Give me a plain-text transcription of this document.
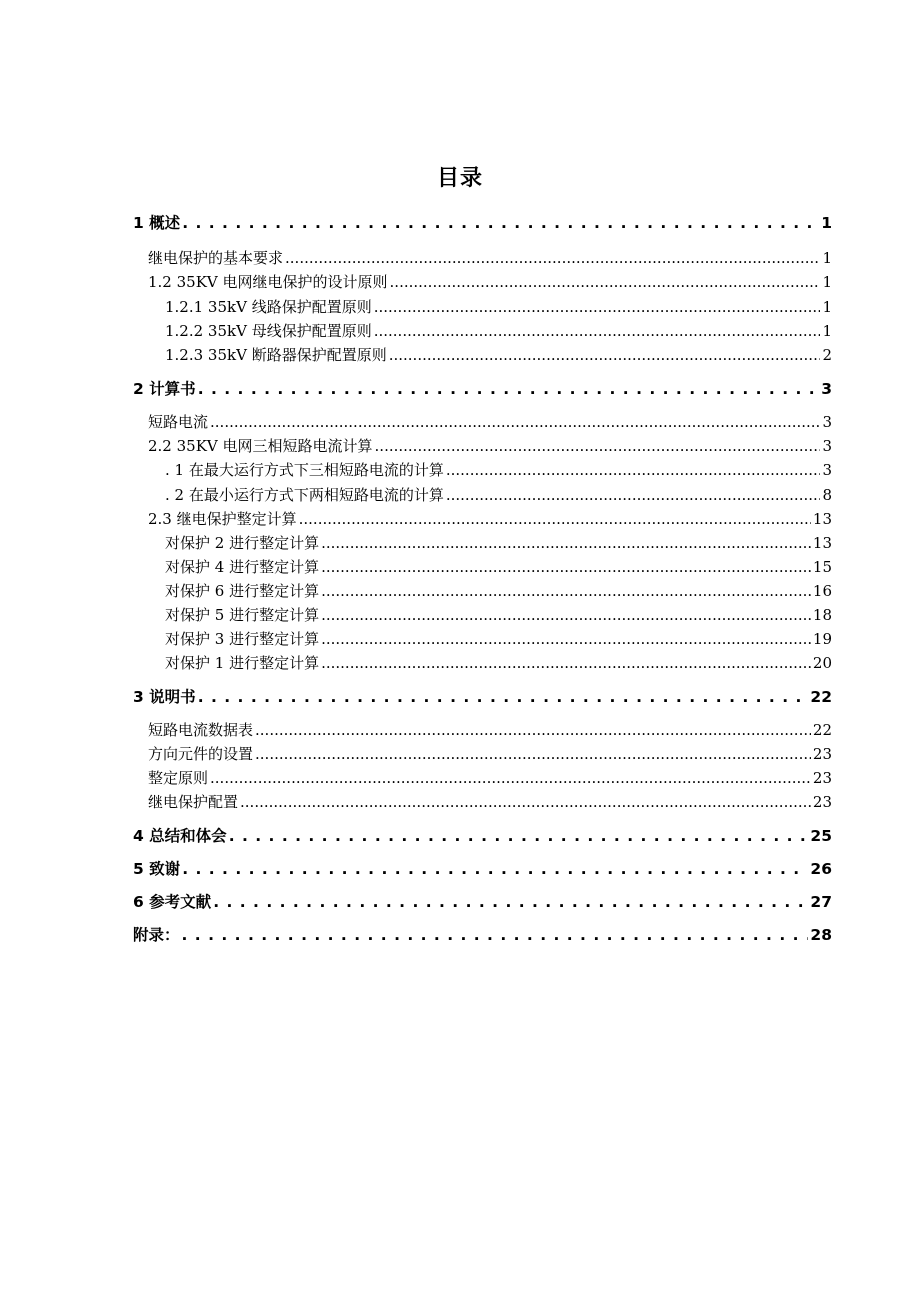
目录
1 概述 . . .	1
继电保护的基本要求 .....	1
1.2 35KV 电网继电保护的设计原则 .....	1
1.2.1 35kV 线路保护配置原则 .....	1
1.2.2 35kV 母线保护配置原则 .....	1
1.2.3 35kV 断路器保护配置原则 .....	2
2 计算书 . . .	3
短路电流 .....	3
2.2 35KV 电网三相短路电流计算 .....	3
. 1 在最大运行方式下三相短路电流的计算 .....	3
. 2 在最小运行方式下两相短路电流的计算 .....	8
2.3 继电保护整定计算 .....	13
对保护 2 进行整定计算 .....	13
对保护 4 进行整定计算 .....	15
对保护 6 进行整定计算 .....	16
对保护 5 进行整定计算 .....	18
对保护 3 进行整定计算 .....	19
对保护 1 进行整定计算 .....	20
3 说明书 . . .	22
短路电流数据表 .....	22
方向元件的设置 .....	23
整定原则 .....	23
继电保护配置 .....	23
4 总结和体会 . . .	25
5 致谢 . . .	26
6 参考文献 . . .	27
附录： . . .	28
